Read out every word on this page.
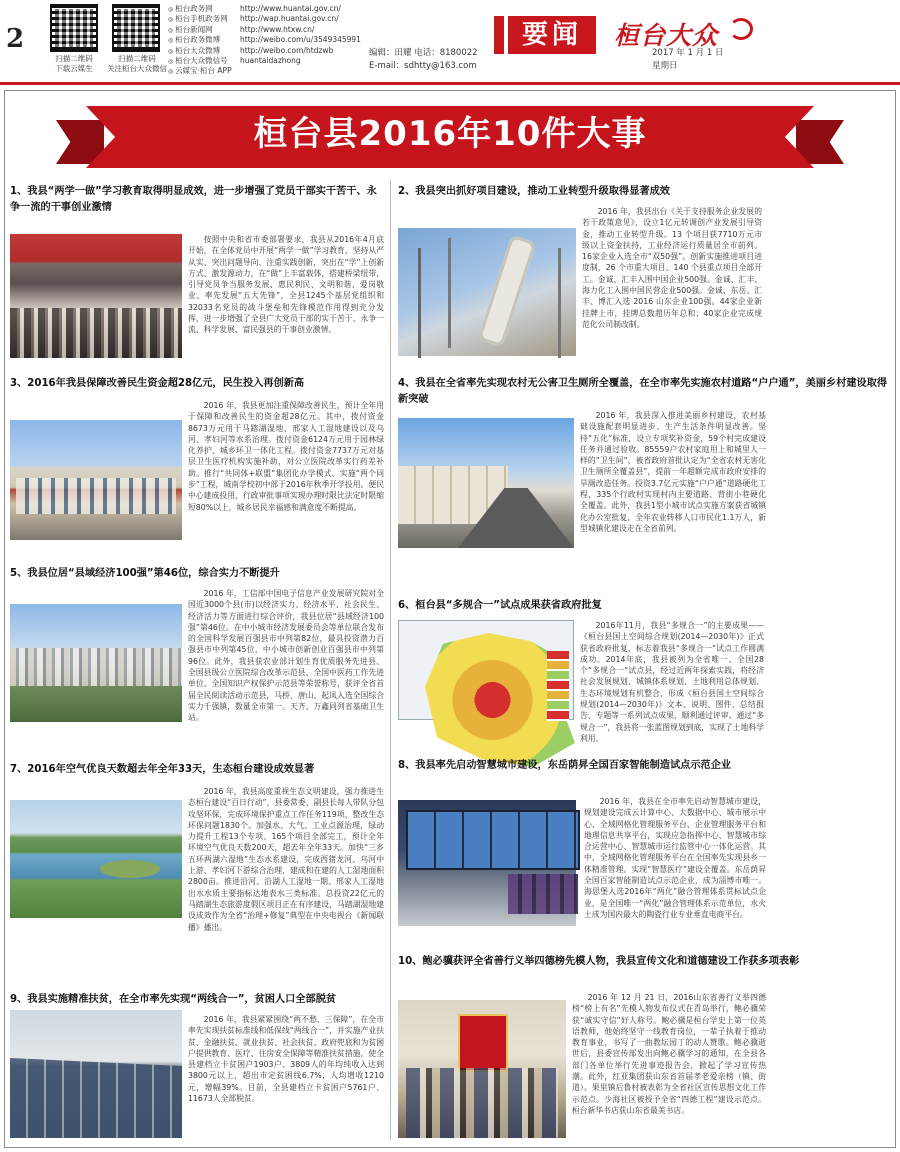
2
扫描二维码
下载云媒生
扫描二维码
关注桓台大众微信
◎ 桓台政务网	http://www.huantai.gov.cn/
◎ 桓台手机政务网	http://wap.huantai.gov.cn/
◎ 桓台新闻网	http://www.htxw.cn/
◎ 桓台政务微博	http://weibo.com/u/3549345991
◎ 桓台大众微博	http://weibo.com/htdzwb
◎ 桓台大众微信号	huantaidazhong
◎ 云媒宝·桓台 APP
编辑：田耀 电话：8180022
E-mail：sdhtty@163.com
要闻	桓台大众
2017 年 1 月 1 日
星期日
桓台县2016年10件大事
1、我县“两学一做”学习教育取得明显成效，进一步增强了党员干部实干苦干、永争一流的干事创业激情
按照中央和省市委部署要求，我县从2016年4月底开始，在全体党员中开展“两学一做”学习教育，坚持从严从实、突出问题导向、注重实践创新，突出在“学”上创新方式、激发源动力，在“做”上丰富载体，搭建桥梁纽带，引导党员争当服务发展、惠民利民、文明和谐、爱岗敬业、率先发展“五大先锋”，全县1245个基层党组织和32033名党员的战斗堡垒和先锋模范作用得到充分发挥，进一步增强了全县广大党员干部的实干苦干、永争一流、科学发展、富民强县的干事创业激情。
2、我县突出抓好项目建设，推动工业转型升级取得显著成效
2016 年，我县出台《关于支持服务企业发展的若干政策意见》，设立1亿元转调创产业发展引导资金，推动工业转型升级。13 个项目获7710万元市级以上资金扶持，工业经济运行质量居全市前列。16家企业入选全市“双50强”。创新实施推进项目进度制，26 个市重大项目、140 个县重点项目全部开工。金诚、汇丰入围中国企业500强。金诚、汇丰、海力化工入围中国民营企业500强。金诚、东岳、汇丰、博汇入选 2016 山东企业100强。44家企业新挂牌上市，挂牌总数超历年总和；40家企业完成规范化公司制改制。
3、2016年我县保障改善民生资金超28亿元，民生投入再创新高
2016 年，我县更加注重保障改善民生，预计全年用于保障和改善民生的资金超28亿元。其中，拨付资金8673万元用于马踏湖湿地、邢家人工湿地建设以及乌河、孝妇河等水系治理。拨付资金6124万元用于园林绿化养护、城乡环卫一体化工程。拨付资金7737万元对基层卫生医疗机构实施补助，对公立医院改革实行药差补助。推行“共同体+联盟”集团化办学模式，实施“两个同步”工程，城南学校初中部于2016年秋季开学投用。便民中心建成投用，行政审批事项实现办理时限比法定时限缩短80%以上，城乡居民幸福感和满意度不断提高。
4、我县在全省率先实现农村无公害卫生厕所全覆盖，在全市率先实施农村道路“户户通”，美丽乡村建设取得新突破
2016 年，我县深入推进美丽乡村建设，农村基础设施配套明显进步、生产生活条件明显改善。坚持“五化”标准，设立专项奖补资金，59个村完成建设任务并通过验收。85559户农村家庭用上和城里人一样的“卫生间”，被省政府首批认定为“全省农村无害化卫生厕所全覆盖县”，提前一年超额完成市政府安排的旱厕改造任务。投资3.7亿元实施“户户通”道路硬化工程，335个行政村实现村内主要道路、背街小巷硬化全覆盖。此外，我县1型小城市试点实施方案获省城镇化办公室批复，全年农业转移人口市民化1.1万人，新型城镇化建设走在全省前列。
5、我县位居“县域经济100强”第46位，综合实力不断提升
2016 年，工信部中国电子信息产业发展研究院对全国近3000个县(市)以经济实力、经济水平、社会民生、经济活力等方面进行综合评价，我县位居“县域经济100强”第46位。在中小城市经济发展委员会等单位联合发布的全国科学发展百强县市中列第82位，最具投资潜力百强县市中列第45位，中小城市创新创业百强县市中列第96位。此外，我县获农业部计划生育优质服务先进县、全国县级公立医院综合改革示范县、全国中医药工作先进单位、全国知识产权保护示范县等荣誉称号，获评全省首届全民阅读活动示范县，马桥、唐山、起凤入选全国综合实力千强镇，数量全市第一。天齐、万鑫同列省基础卫生站。
6、桓台县“多规合一”试点成果获省政府批复
2016年11月，我县“多规合一”的主要成果——《桓台县国土空间综合规划(2014—2030年)》正式获省政府批复，标志着我县“多规合一”试点工作圆满成功。2014年底，我县被列为全省唯一、全国28个“多规合一”试点县，经过近两年探索实践，将经济社会发展规划、城镇体系规划、土地利用总体规划、生态环境规划有机整合，形成《桓台县国土空间综合规划(2014—2030年)》文本、说明、图件、总结报告、专题等一系列试点成果，顺利通过评审。通过“多规合一”，我县将一张蓝图规划到底，实现了土地科学利用。
7、2016年空气优良天数超去年全年33天，生态桓台建设成效显著
2016 年，我县高度重视生态文明建设，强力推进生态桓台建设“百日行动”，县委常委、副县长每人带队分包攻坚环保，完成环境保护重点工作任务119项，整改生态环保问题1830个。加强水、大气、工业点源治理，绿动力提升工程13个专项、165个项目全部完工，预计全年环境空气优良天数200天，超去年全年33天。加快“三乡五环两湖六湿地”生态水系建设，完成西猪龙河、乌河中上游、孝妇河下游综合治理，建成和在建的人工湿地面积2800亩。推进沿河、沿湖人工湿地一期、邢家人工湿地出水水质主要指标达地表水三类标准。总投资22亿元的马踏湖生态旅游度假区项目正在有序建设，马踏湖湿地建设成效作为全省“治理+修复”典型在中央电视台《新闻联播》播出。
8、我县率先启动智慧城市建设，东岳荫昇全国百家智能制造试点示范企业
2016 年，我县在全市率先启动智慧城市建设，规划建设完成云计算中心、大数据中心、城市展示中心、全域网格化管理服务平台、企业管理服务平台和地理信息共享平台，实现应急指挥中心、智慧城市综合运营中心、智慧城市运行监管中心一体化运营。其中，全域网格化管理服务平台在全国率先实现县乡一体精准管理。实现“智慧医疗”建设全覆盖。东岳荫昇全国百家智能制造试点示范企业，成为淄博市唯一。海思堡入选2016年“两化”融合管理体系贯标试点企业，是全国唯一“两化”融合管理体系示范单位，水火土成为国内最大的陶瓷行业专业垂直电商平台。
9、我县实施精准扶贫，在全市率先实现“两线合一”，贫困人口全部脱贫
2016 年，我县紧紧围绕“两不愁、三保障”，在全市率先实现扶贫标准线和低保线“两线合一”，并实施产业扶贫、金融扶贫、就业扶贫、社会扶贫、政府兜底和为贫困户提供教育、医疗、住房安全保障等精准扶贫措施，使全县建档立卡贫困户1903户、3809人的年均纯收入达到3800元以上，超出市定贫困线6.7%；人均增收1210元，增幅39%。目前，全县建档立卡贫困户5761户、11673人全部脱贫。
10、鲍必骥获评全省善行义举四德榜先模人物，我县宣传文化和道德建设工作获多项表彰
2016 年 12 月 21 日，2016山东省善行义举四德榜“榜上有名”先模人物发布仪式在青岛举行，鲍必骥荣获“诚实守信”好人称号。鲍必骥是桓台学史上第一位英语教师，他始终坚守一线教育岗位，一辈子执着于推动教育事业，书写了一曲教坛园丁的动人赞歌。鲍必骥逝世后，县委宣传部发出向鲍必骥学习的通知，在全县各部门各单位举行先进事迹报告会，掀起了学习宣传热潮。此外，红亚集团获山东省首届孝老爱亲榜（镇、街道）。果里镇后鲁村被表彰为全省社区宣传思想文化工作示范点。少海社区被授予全省“四德工程”建设示范点。桓台新华书店获山东省最美书店。
